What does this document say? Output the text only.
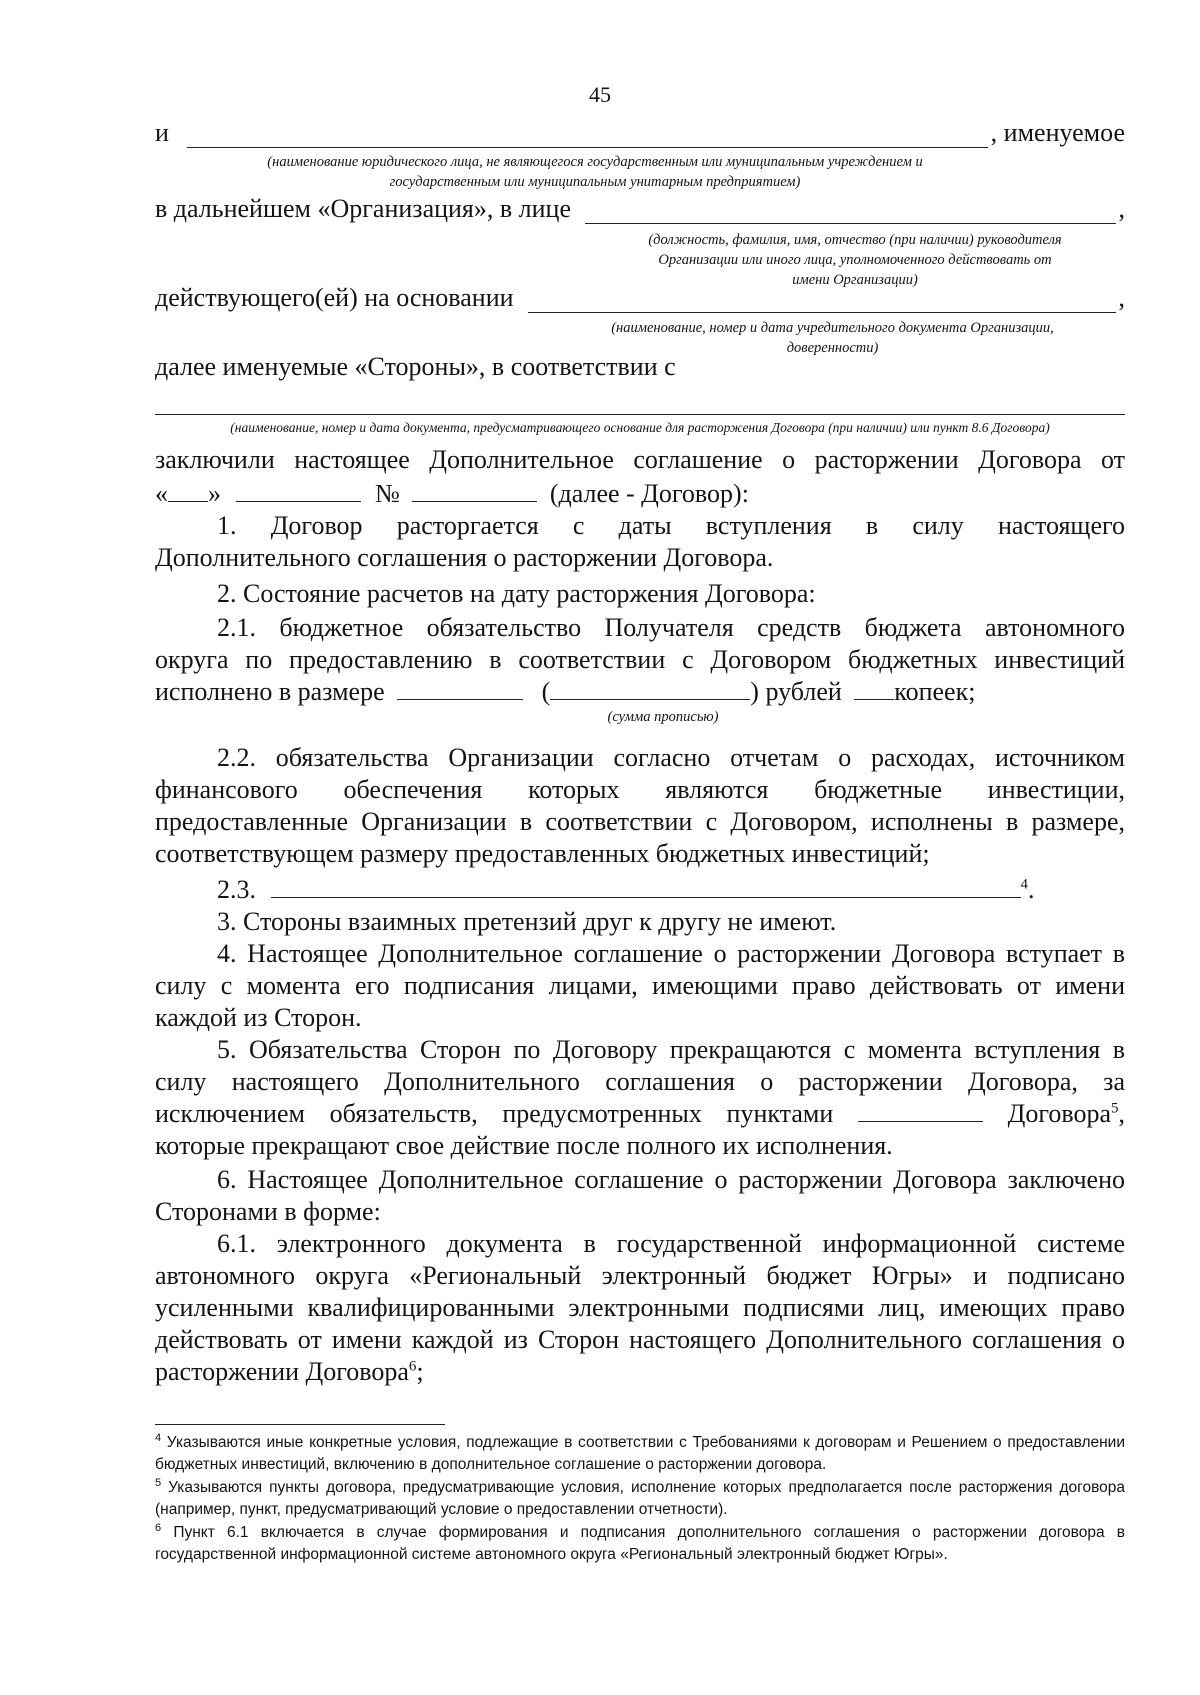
45
и	, именуемое
(наименование юридического лица, не являющегося государственным или муниципальным учреждением и
государственным или муниципальным унитарным предприятием)
в дальнейшем «Организация», в лице	,
(должность, фамилия, имя, отчество (при наличии) руководителя
Организации или иного лица, уполномоченного действовать от
имени Организации)
действующего(ей) на основании	,
(наименование, номер и дата учредительного документа Организации,
доверенности)
далее именуемые «Стороны», в соответствии с
(наименование, номер и дата документа, предусматривающего основание для расторжения Договора (при наличии) или пункт 8.6 Договора)
заключили настоящее Дополнительное соглашение о расторжении Договора от
« »	№	(далее - Договор):
1. Договор расторгается с даты вступления в силу настоящего
Дополнительного соглашения о расторжении Договора.
2. Состояние расчетов на дату расторжения Договора:
2.1. бюджетное обязательство Получателя средств бюджета автономного
округа по предоставлению в соответствии с Договором бюджетных инвестиций
исполнено в размере	(	) рублей копеек;
(сумма прописью)
2.2. обязательства Организации согласно отчетам о расходах, источником финансового обеспечения которых являются бюджетные инвестиции, предоставленные Организации в соответствии с Договором, исполнены в размере, соответствующем размеру предоставленных бюджетных инвестиций;
2.3.	$^4$.
3. Стороны взаимных претензий друг к другу не имеют.
4. Настоящее Дополнительное соглашение о расторжении Договора вступает в силу с момента его подписания лицами, имеющими право действовать от имени каждой из Сторон.
5. Обязательства Сторон по Договору прекращаются с момента вступления в силу настоящего Дополнительного соглашения о расторжении Договора, за исключением обязательств, предусмотренных пунктами	Договора$^5$, которые прекращают свое действие после полного их исполнения.
6. Настоящее Дополнительное соглашение о расторжении Договора заключено Сторонами в форме:
6.1. электронного документа в государственной информационной системе автономного округа «Региональный электронный бюджет Югры» и подписано усиленными квалифицированными электронными подписями лиц, имеющих право действовать от имени каждой из Сторон настоящего Дополнительного соглашения о расторжении Договора$^6$;
$^4$ Указываются иные конкретные условия, подлежащие в соответствии с Требованиями к договорам и Решением о предоставлении бюджетных инвестиций, включению в дополнительное соглашение о расторжении договора.
$^5$ Указываются пункты договора, предусматривающие условия, исполнение которых предполагается после расторжения договора (например, пункт, предусматривающий условие о предоставлении отчетности).
$^6$ Пункт 6.1 включается в случае формирования и подписания дополнительного соглашения о расторжении договора в государственной информационной системе автономного округа «Региональный электронный бюджет Югры».
